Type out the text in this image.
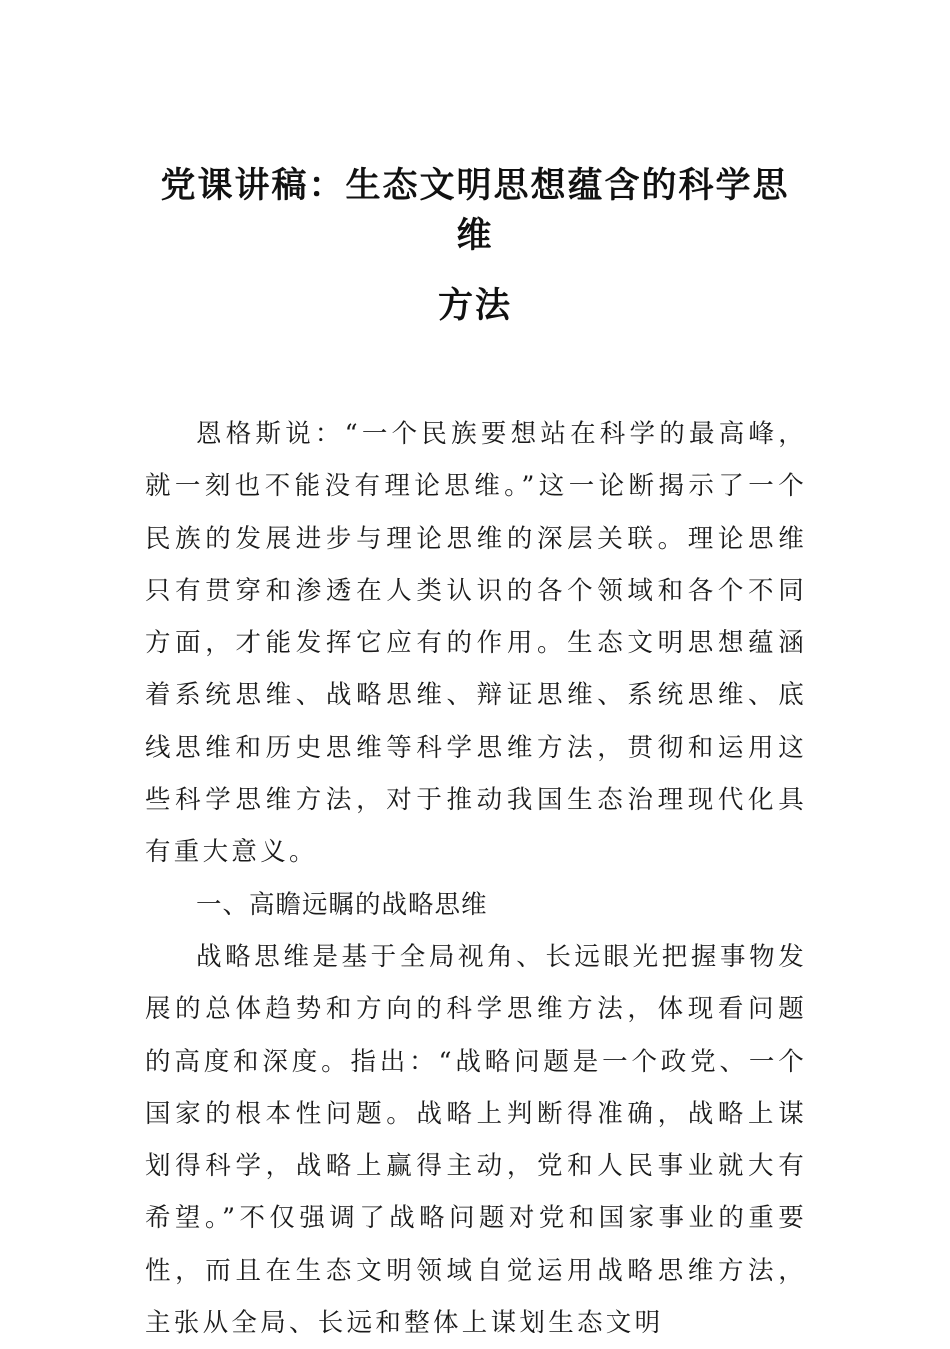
党课讲稿：生态文明思想蕴含的科学思维
方法

恩格斯说：“一个民族要想站在科学的最高峰，就一刻也不能没有理论思维。”这一论断揭示了一个民族的发展进步与理论思维的深层关联。理论思维只有贯穿和渗透在人类认识的各个领域和各个不同方面，才能发挥它应有的作用。生态文明思想蕴涵着系统思维、战略思维、辩证思维、系统思维、底线思维和历史思维等科学思维方法，贯彻和运用这些科学思维方法，对于推动我国生态治理现代化具有重大意义。

一、高瞻远瞩的战略思维

战略思维是基于全局视角、长远眼光把握事物发展的总体趋势和方向的科学思维方法，体现看问题的高度和深度。指出：“战略问题是一个政党、一个国家的根本性问题。战略上判断得准确，战略上谋划得科学，战略上赢得主动，党和人民事业就大有希望。”不仅强调了战略问题对党和国家事业的重要性，而且在生态文明领域自觉运用战略思维方法，主张从全局、长远和整体上谋划生态文明
